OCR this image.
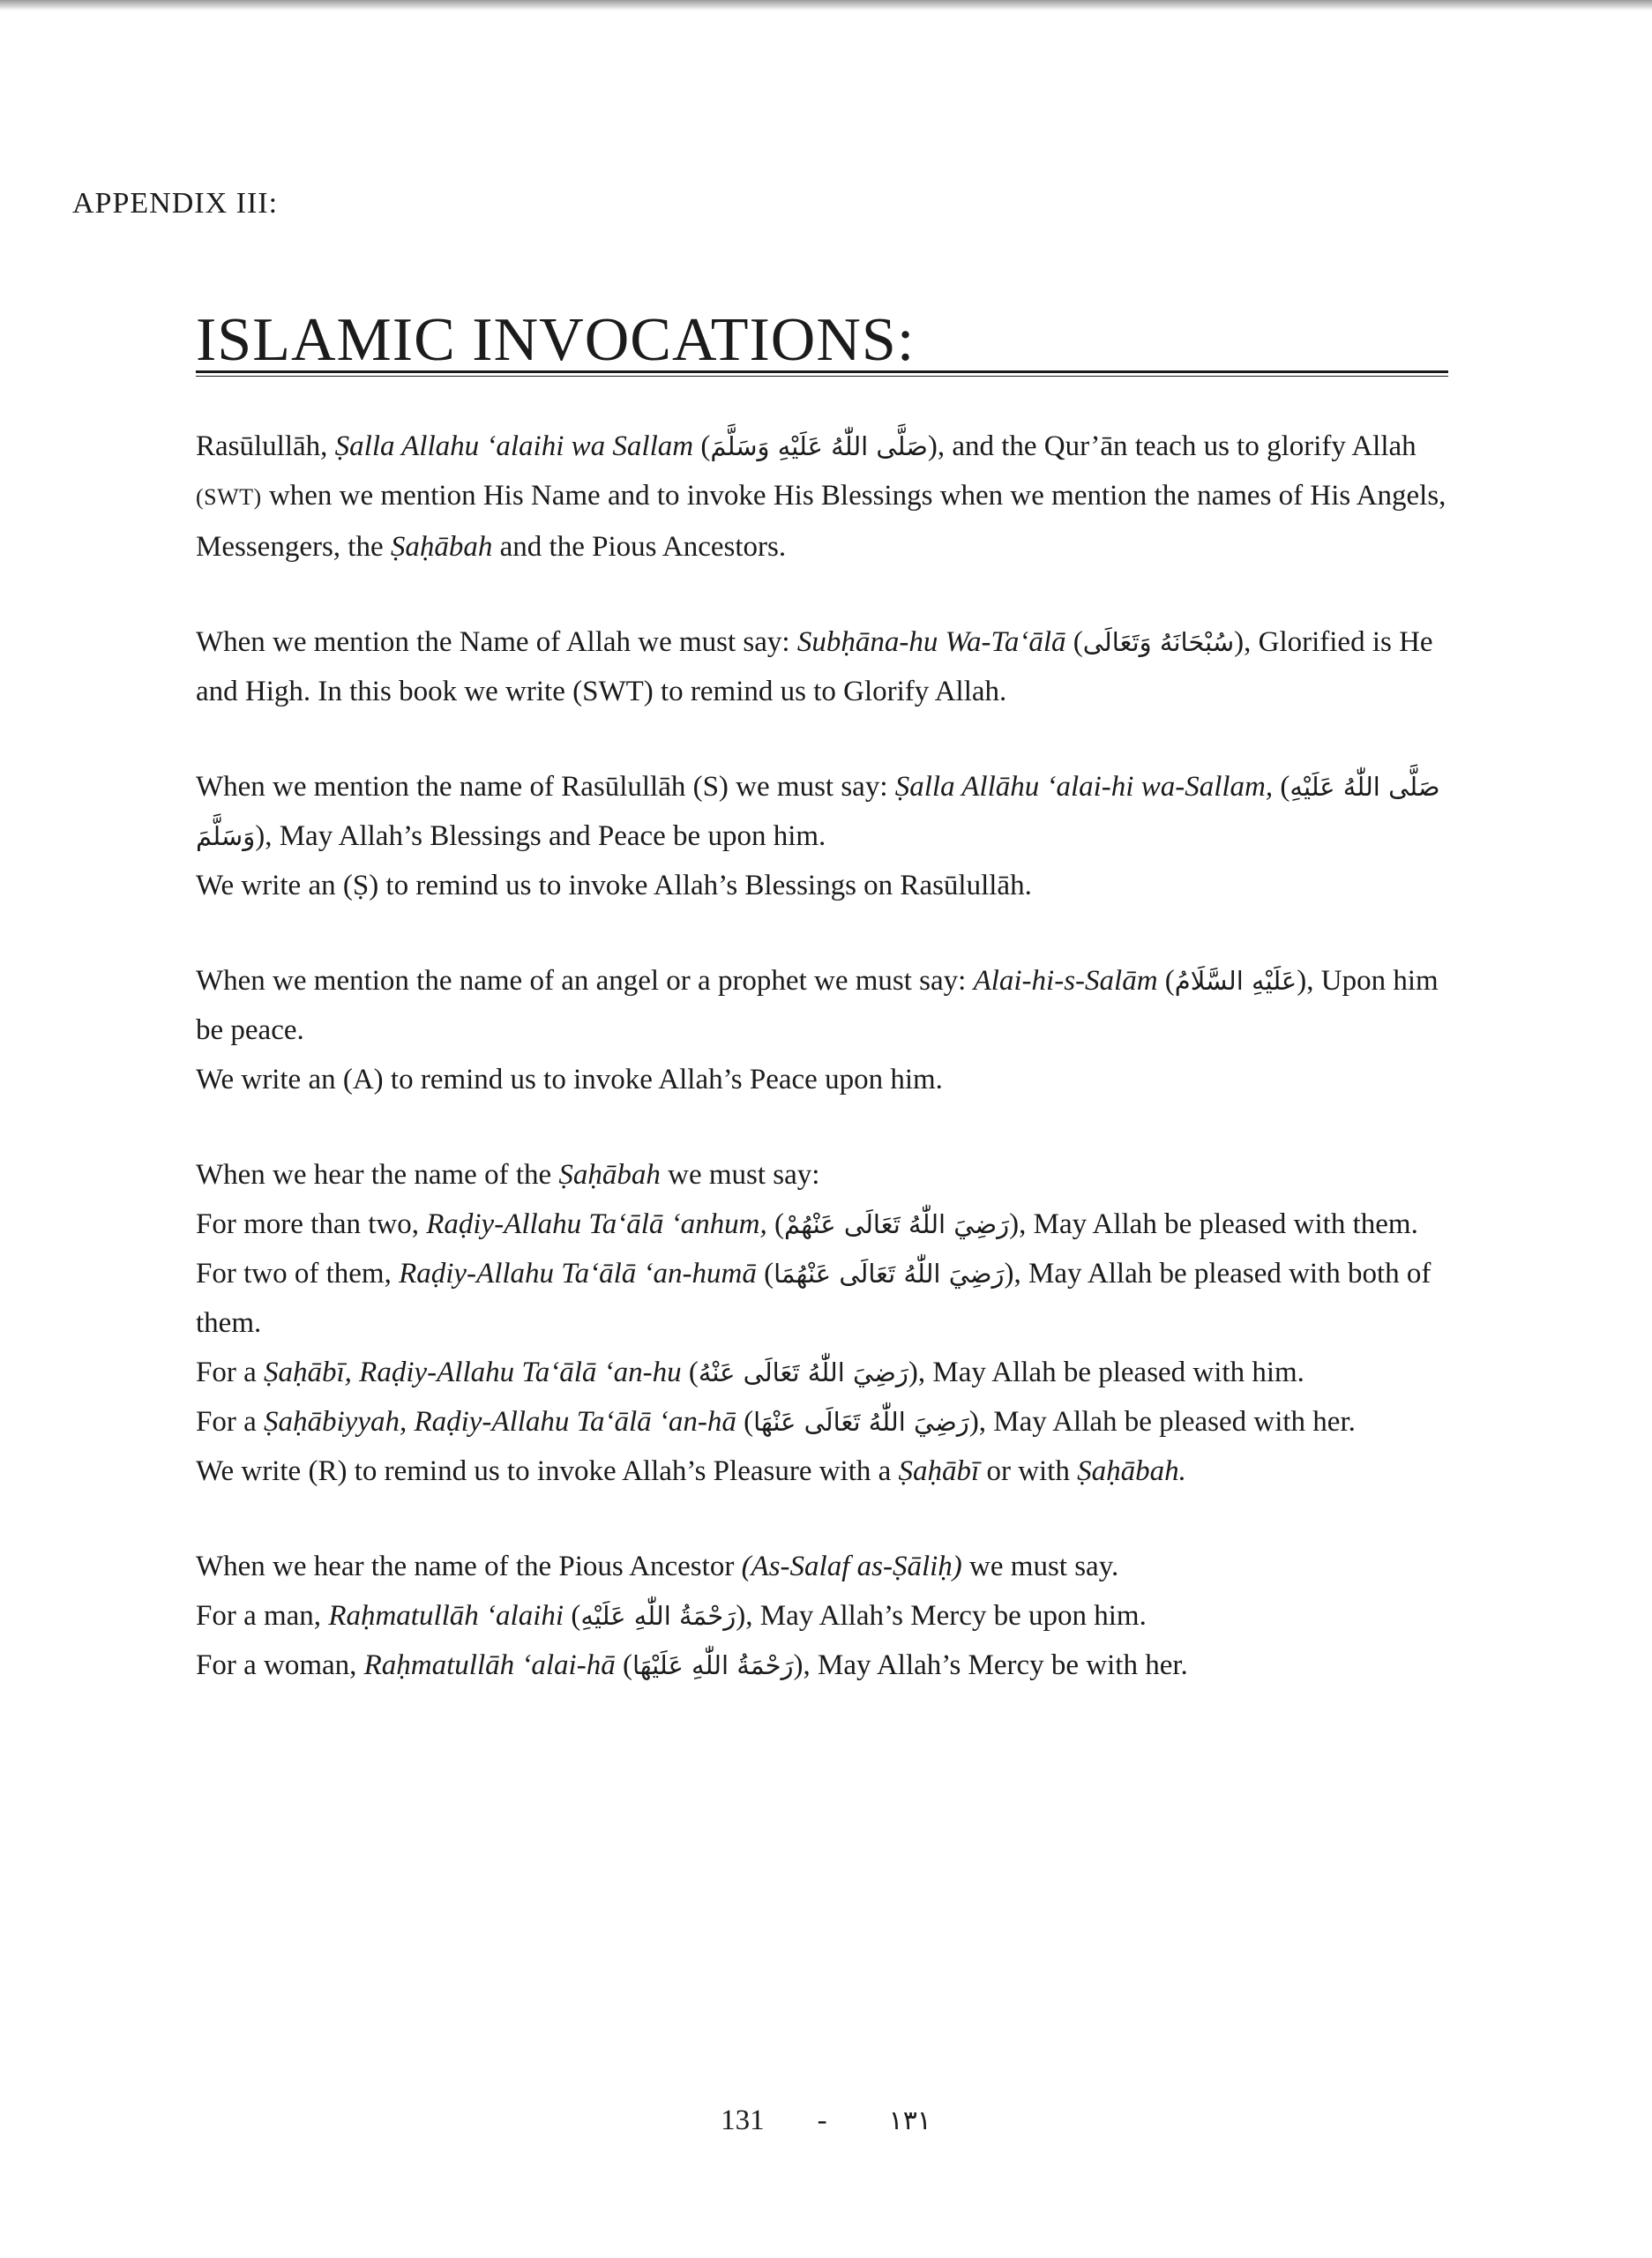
APPENDIX III:
ISLAMIC INVOCATIONS:

Rasūlullāh, Ṣalla Allahu ‘alaihi wa Sallam (صَلَّى اللّٰهُ عَلَيْهِ وَسَلَّمَ), and the Qur’ān teach us to glorify Allah (SWT) when we mention His Name and to invoke His Blessings when we mention the names of His Angels, Messengers, the Ṣaḥābah and the Pious Ancestors.

When we mention the Name of Allah we must say: Subḥāna-hu Wa-Ta‘ālā (سُبْحَانَهُ وَتَعَالَى), Glorified is He and High. In this book we write (SWT) to remind us to Glorify Allah.

When we mention the name of Rasūlullāh (S) we must say: Ṣalla Allāhu ‘alai-hi wa-Sallam, (صَلَّى اللّٰهُ عَلَيْهِ وَسَلَّمَ), May Allah’s Blessings and Peace be upon him.

We write an (Ṣ) to remind us to invoke Allah’s Blessings on Rasūlullāh.

When we mention the name of an angel or a prophet we must say: Alai-hi-s-Salām (عَلَيْهِ السَّلَامُ), Upon him be peace.

We write an (A) to remind us to invoke Allah’s Peace upon him.

When we hear the name of the Ṣaḥābah we must say:

For more than two, Raḍiy-Allahu Ta‘ālā ‘anhum, (رَضِيَ اللّٰهُ تَعَالَى عَنْهُمْ), May Allah be pleased with them.

For two of them, Raḍiy-Allahu Ta‘ālā ‘an-humā (رَضِيَ اللّٰهُ تَعَالَى عَنْهُمَا), May Allah be pleased with both of them.

For a Ṣaḥābī, Raḍiy-Allahu Ta‘ālā ‘an-hu (رَضِيَ اللّٰهُ تَعَالَى عَنْهُ), May Allah be pleased with him.

For a Ṣaḥābiyyah, Raḍiy-Allahu Ta‘ālā ‘an-hā (رَضِيَ اللّٰهُ تَعَالَى عَنْهَا), May Allah be pleased with her.

We write (R) to remind us to invoke Allah’s Pleasure with a Ṣaḥābī or with Ṣaḥābah.

When we hear the name of the Pious Ancestor (As-Salaf as-Ṣāliḥ) we must say.

For a man, Raḥmatullāh ‘alaihi (رَحْمَةُ اللّٰهِ عَلَيْهِ), May Allah’s Mercy be upon him.

For a woman, Raḥmatullāh ‘alai-hā (رَحْمَةُ اللّٰهِ عَلَيْهَا), May Allah’s Mercy be with her.

131 - ١٣١
